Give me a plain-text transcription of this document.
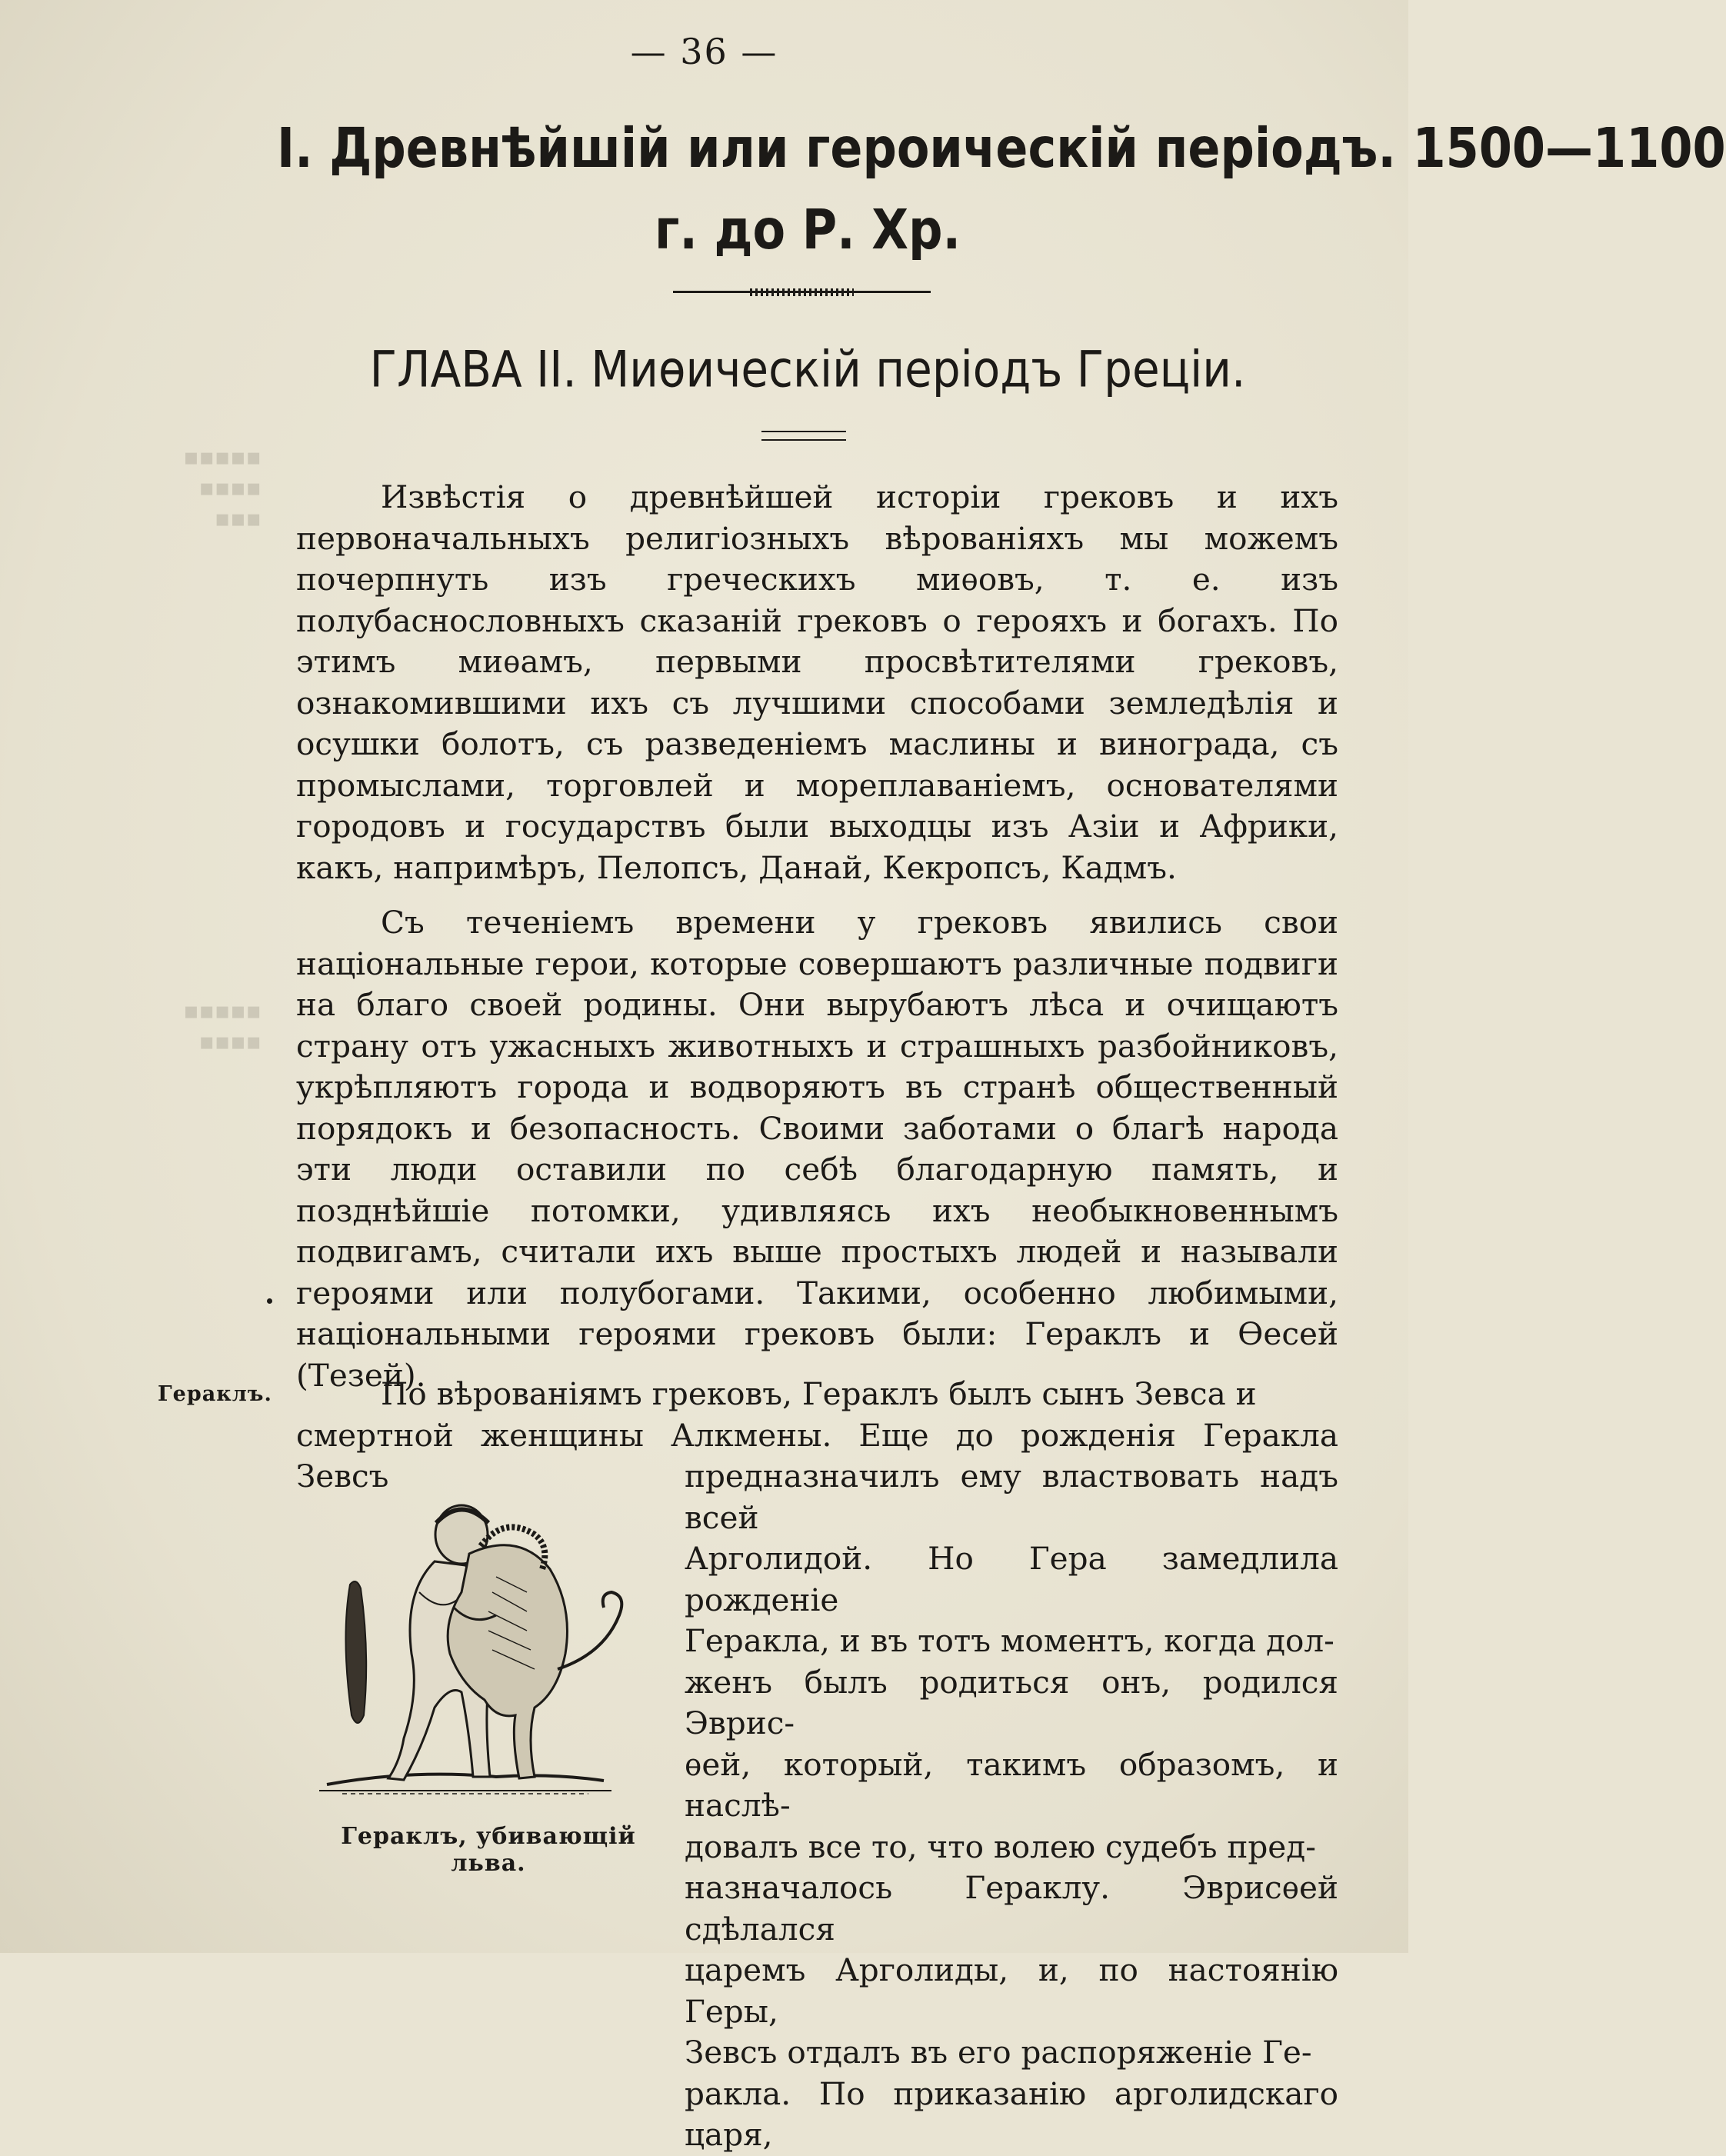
— 36 —
I. Древнѣйшій или героическій періодъ. 1500—1100
г. до Р. Хр.
ГЛАВА II. Миѳическій періодъ Греціи.
▪▪▪▪▪
▪▪▪▪
▪▪▪
▪▪▪▪▪
▪▪▪▪

Извѣстія о древнѣйшей исторіи грековъ и ихъ первоначальныхъ религіозныхъ вѣрованіяхъ мы можемъ почерпнуть изъ греческихъ миѳовъ, т. е. изъ полубаснословныхъ сказаній грековъ о герояхъ и богахъ. По этимъ миѳамъ, первыми просвѣтителями грековъ, ознакомившими ихъ съ лучшими способами земледѣлія и осушки болотъ, съ разведеніемъ маслины и винограда, съ промыслами, торговлей и мореплаваніемъ, основателями городовъ и государствъ были выходцы изъ Азіи и Африки, какъ, напримѣръ, Пелопсъ, Данай, Кекропсъ, Кадмъ.

Съ теченіемъ времени у грековъ явились свои національные герои, которые совершаютъ различные подвиги на благо своей родины. Они вырубаютъ лѣса и очищаютъ страну отъ ужасныхъ животныхъ и страшныхъ разбойниковъ, укрѣпляютъ города и водворяютъ въ странѣ общественный порядокъ и безопасность. Своими заботами о благѣ народа эти люди оставили по себѣ благодарную память, и позднѣйшіе потомки, удивляясь ихъ необыкновеннымъ подвигамъ, считали ихъ выше простыхъ людей и называли героями или полубогами. Такими, особенно любимыми, національными героями грековъ были: Гераклъ и Ѳесей (Тезей).

Гераклъ.	По вѣрованіямъ грековъ, Гераклъ былъ сынъ Зевса и
смертной женщины Алкмены. Еще до рожденія Геракла Зевсъ	предназначилъ ему властвовать надъ всей
Арголидой. Но Гера замедлила рожденіе
Геракла, и въ тотъ моментъ, когда дол-
женъ былъ родиться онъ, родился Эврис-
ѳей, который, такимъ образомъ, и наслѣ-
довалъ все то, что волею судебъ пред-
назначалось Гераклу. Эврисѳей сдѣлался
царемъ Арголиды, и, по настоянію Геры,
Зевсъ отдалъ въ его распоряженіе Ге-
ракла. По приказанію арголидскаго царя,
Гераклъ, убивающій льва.
